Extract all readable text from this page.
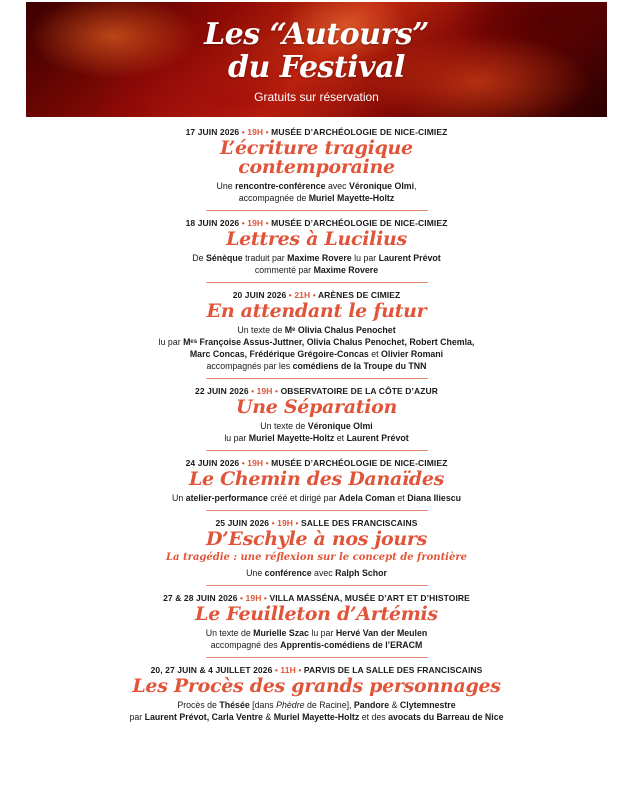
Les “Autours”
du Festival
Gratuits sur réservation
17 JUIN 2026 • 19H • MUSÉE D’ARCHÉOLOGIE DE NICE-CIMIEZ
L’écriture tragique
contemporaine
Une rencontre-conférence avec Véronique Olmi,
accompagnée de Muriel Mayette-Holtz
18 JUIN 2026 • 19H • MUSÉE D’ARCHÉOLOGIE DE NICE-CIMIEZ
Lettres à Lucilius
De Sénèque traduit par Maxime Rovere lu par Laurent Prévot
commenté par Maxime Rovere
20 JUIN 2026 • 21H • ARÈNES DE CIMIEZ
En attendant le futur
Un texte de Mᵉ Olivia Chalus Penochet
lu par Mᵉˢ Françoise Assus-Juttner, Olivia Chalus Penochet, Robert Chemla,
Marc Concas, Frédérique Grégoire-Concas et Olivier Romani
accompagnés par les comédiens de la Troupe du TNN
22 JUIN 2026 • 19H • OBSERVATOIRE DE LA CÔTE D’AZUR
Une Séparation
Un texte de Véronique Olmi
lu par Muriel Mayette-Holtz et Laurent Prévot
24 JUIN 2026 • 19H • MUSÉE D’ARCHÉOLOGIE DE NICE-CIMIEZ
Le Chemin des Danaïdes
Un atelier-performance créé et dirigé par Adela Coman et Diana Iliescu
25 JUIN 2026 • 19H • SALLE DES FRANCISCAINS
D’Eschyle à nos jours
La tragédie : une réflexion sur le concept de frontière
Une conférence avec Ralph Schor
27 & 28 JUIN 2026 • 19H • VILLA MASSÉNA, MUSÉE D’ART ET D’HISTOIRE
Le Feuilleton d’Artémis
Un texte de Murielle Szac lu par Hervé Van der Meulen
accompagné des Apprentis-comédiens de l’ERACM
20, 27 JUIN & 4 JUILLET 2026 • 11H • PARVIS DE LA SALLE DES FRANCISCAINS
Les Procès des grands personnages
Procès de Thésée [dans Phèdre de Racine], Pandore & Clytemnestre
par Laurent Prévot, Carla Ventre & Muriel Mayette-Holtz et des avocats du Barreau de Nice
